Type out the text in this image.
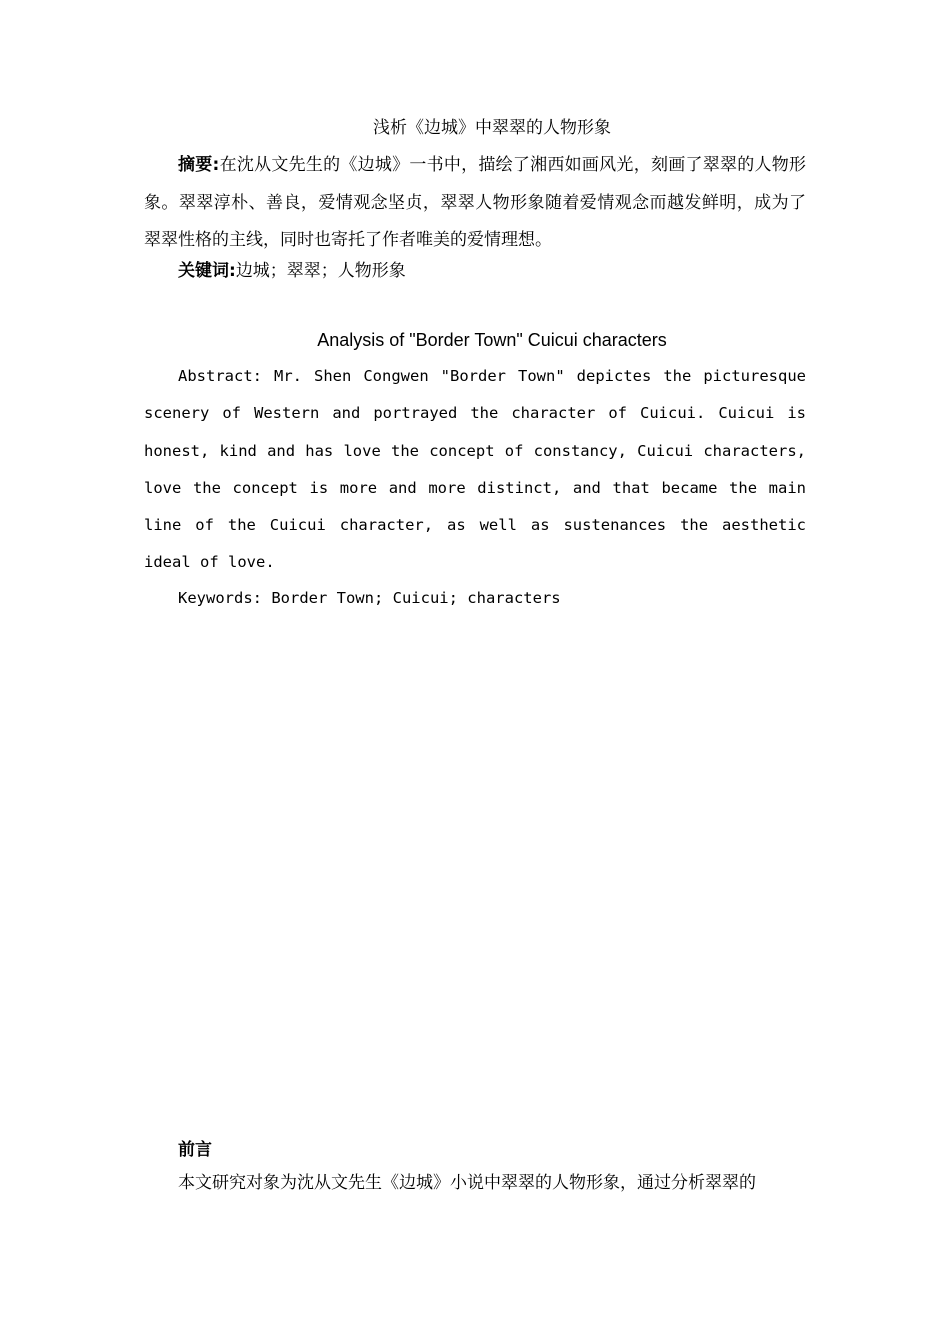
浅析《边城》中翠翠的人物形象

摘要:在沈从文先生的《边城》一书中，描绘了湘西如画风光，刻画了翠翠的人物形象。翠翠淳朴、善良，爱情观念坚贞，翠翠人物形象随着爱情观念而越发鲜明，成为了翠翠性格的主线，同时也寄托了作者唯美的爱情理想。

关键词:边城；翠翠；人物形象

Analysis of "Border Town" Cuicui characters

Abstract: Mr. Shen Congwen "Border Town" depictes the picturesque scenery of Western and portrayed the character of Cuicui. Cuicui is honest, kind and has love the concept of constancy, Cuicui characters, love the concept is more and more distinct, and that became the main line of the Cuicui character, as well as sustenances the aesthetic ideal of love.

Keywords: Border Town; Cuicui; characters

前言

本文研究对象为沈从文先生《边城》小说中翠翠的人物形象，通过分析翠翠的
